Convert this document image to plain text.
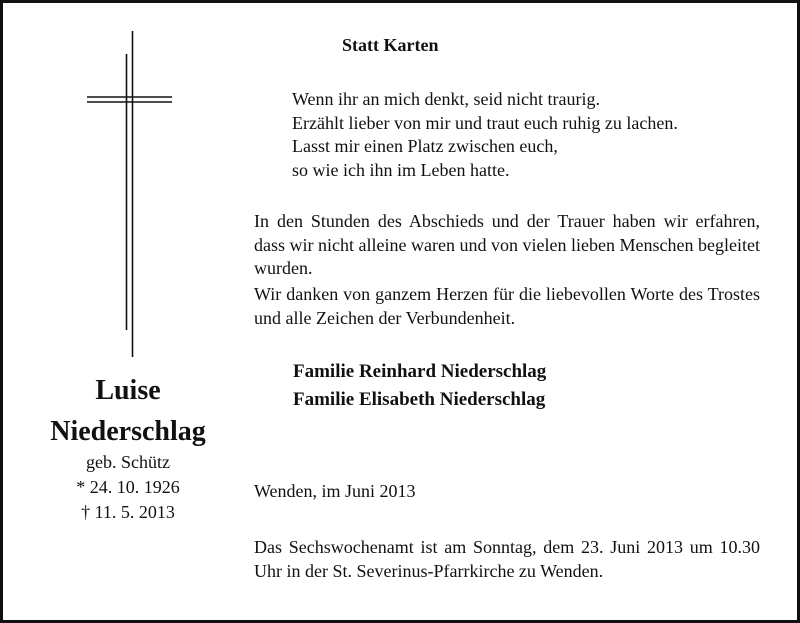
Statt Karten

Wenn ihr an mich denkt, seid nicht traurig.
Erzählt lieber von mir und traut euch ruhig zu lachen.
Lasst mir einen Platz zwischen euch,
so wie ich ihn im Leben hatte.

In den Stunden des Abschieds und der Trauer haben wir erfahren, dass wir nicht alleine waren und von vielen lieben Menschen begleitet wurden.

Wir danken von ganzem Herzen für die liebevollen Worte des Trostes und alle Zeichen der Verbundenheit.

Familie Reinhard Niederschlag

Familie Elisabeth Niederschlag

Luise

Niederschlag

geb. Schütz

* 24. 10. 1926

† 11. 5. 2013

Wenden, im Juni 2013

Das Sechswochenamt ist am Sonntag, dem 23. Juni 2013 um 10.30 Uhr in der St. Severinus-Pfarrkirche zu Wenden.
